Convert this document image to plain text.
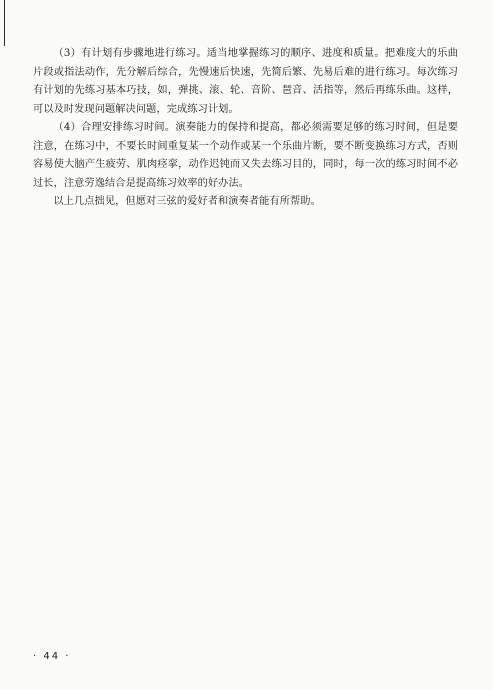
（3）有计划有步骤地进行练习。适当地掌握练习的顺序、进度和质量。把难度大的乐曲片段或指法动作，先分解后综合，先慢速后快速，先简后繁、先易后难的进行练习。每次练习有计划的先练习基本巧技，如，弹挑、滚、轮、音阶、琶音、活指等，然后再练乐曲。这样，可以及时发现问题解决问题，完成练习计划。

（4）合理安排练习时间。演奏能力的保持和提高，都必须需要足够的练习时间，但是要注意，在练习中，不要长时间重复某一个动作或某一个乐曲片断，要不断变换练习方式，否则容易使大脑产生疲劳、肌肉痉挛，动作迟钝而又失去练习目的，同时，每一次的练习时间不必过长，注意劳逸结合是提高练习效率的好办法。

以上几点拙见，但愿对三弦的爱好者和演奏者能有所帮助。

· 44 ·
